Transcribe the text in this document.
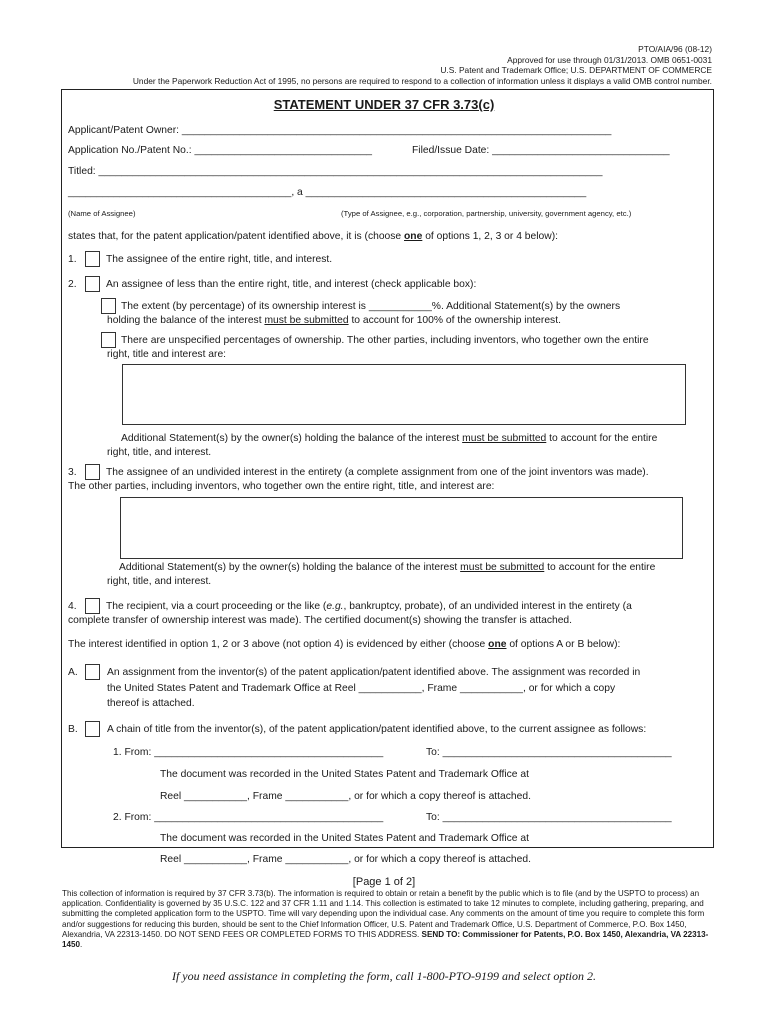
PTO/AIA/96 (08-12)
Approved for use through 01/31/2013. OMB 0651-0031
U.S. Patent and Trademark Office; U.S. DEPARTMENT OF COMMERCE
Under the Paperwork Reduction Act of 1995, no persons are required to respond to a collection of information unless it displays a valid OMB control number.
STATEMENT UNDER 37 CFR 3.73(c)
Applicant/Patent Owner: ___________________________________________________________________________
Application No./Patent No.: _______________________________	Filed/Issue Date: _______________________________
Titled: ________________________________________________________________________________________
_______________________________________, a _________________________________________________
(Name of Assignee)	(Type of Assignee, e.g., corporation, partnership, university, government agency, etc.)
states that, for the patent application/patent identified above, it is (choose one of options 1, 2, 3 or 4 below):
1.	The assignee of the entire right, title, and interest.
2.	An assignee of less than the entire right, title, and interest (check applicable box):
The extent (by percentage) of its ownership interest is ___________%. Additional Statement(s) by the owners
holding the balance of the interest must be submitted to account for 100% of the ownership interest.
There are unspecified percentages of ownership. The other parties, including inventors, who together own the entire
right, title and interest are:
Additional Statement(s) by the owner(s) holding the balance of the interest must be submitted to account for the entire
right, title, and interest.
3.	The assignee of an undivided interest in the entirety (a complete assignment from one of the joint inventors was made).
The other parties, including inventors, who together own the entire right, title, and interest are:
Additional Statement(s) by the owner(s) holding the balance of the interest must be submitted to account for the entire
right, title, and interest.
4.	The recipient, via a court proceeding or the like (e.g., bankruptcy, probate), of an undivided interest in the entirety (a
complete transfer of ownership interest was made). The certified document(s) showing the transfer is attached.
The interest identified in option 1, 2 or 3 above (not option 4) is evidenced by either (choose one of options A or B below):
A.	An assignment from the inventor(s) of the patent application/patent identified above. The assignment was recorded in
the United States Patent and Trademark Office at Reel ___________, Frame ___________, or for which a copy
thereof is attached.
B.	A chain of title from the inventor(s), of the patent application/patent identified above, to the current assignee as follows:
1. From: ________________________________________	To: ________________________________________
The document was recorded in the United States Patent and Trademark Office at
Reel ___________, Frame ___________, or for which a copy thereof is attached.
2. From: ________________________________________	To: ________________________________________
The document was recorded in the United States Patent and Trademark Office at
Reel ___________, Frame ___________, or for which a copy thereof is attached.
[Page 1 of 2]
This collection of information is required by 37 CFR 3.73(b). The information is required to obtain or retain a benefit by the public which is to file (and by the USPTO to process) an application. Confidentiality is governed by 35 U.S.C. 122 and 37 CFR 1.11 and 1.14. This collection is estimated to take 12 minutes to complete, including gathering, preparing, and submitting the completed application form to the USPTO. Time will vary depending upon the individual case. Any comments on the amount of time you require to complete this form and/or suggestions for reducing this burden, should be sent to the Chief Information Officer, U.S. Patent and Trademark Office, U.S. Department of Commerce, P.O. Box 1450, Alexandria, VA 22313-1450. DO NOT SEND FEES OR COMPLETED FORMS TO THIS ADDRESS. SEND TO: Commissioner for Patents, P.O. Box 1450, Alexandria, VA 22313-1450.
If you need assistance in completing the form, call 1-800-PTO-9199 and select option 2.
